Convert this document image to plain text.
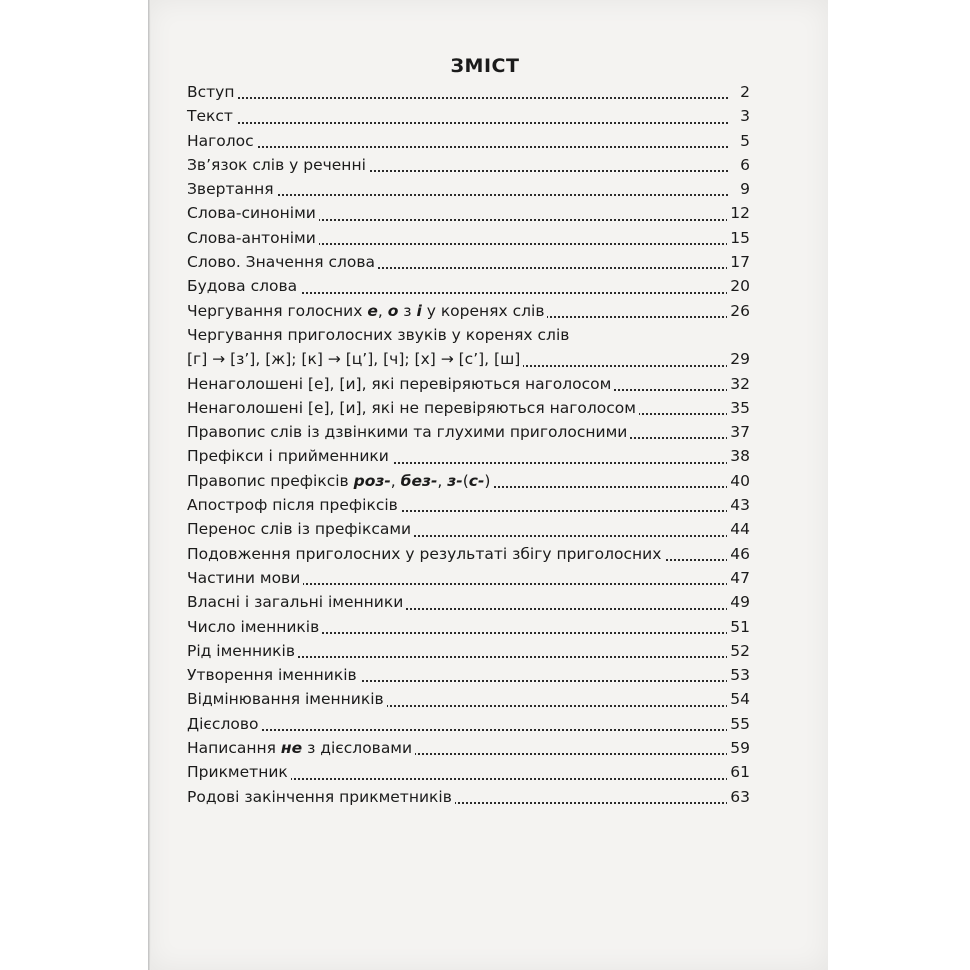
ЗМІСТ
Вступ	2
Текст	3
Наголос	5
Зв’язок слів у реченні	6
Звертання	9
Слова-синоніми	12
Слова-антоніми	15
Слово. Значення слова	17
Будова слова	20
Чергування голосних е, о з і у коренях слів	26
Чергування приголосних звуків у коренях слів
[г] → [з’], [ж]; [к] → [ц’], [ч]; [х] → [с’], [ш]	29
Ненаголошені [е], [и], які перевіряються наголосом	32
Ненаголошені [е], [и], які не перевіряються наголосом	35
Правопис слів із дзвінкими та глухими приголосними	37
Префікси і прийменники	38
Правопис префіксів роз-, без-, з-(с-)	40
Апостроф після префіксів	43
Перенос слів із префіксами	44
Подовження приголосних у результаті збігу приголосних	46
Частини мови	47
Власні і загальні іменники	49
Число іменників	51
Рід іменників	52
Утворення іменників	53
Відмінювання іменників	54
Дієслово	55
Написання не з дієсловами	59
Прикметник	61
Родові закінчення прикметників	63
